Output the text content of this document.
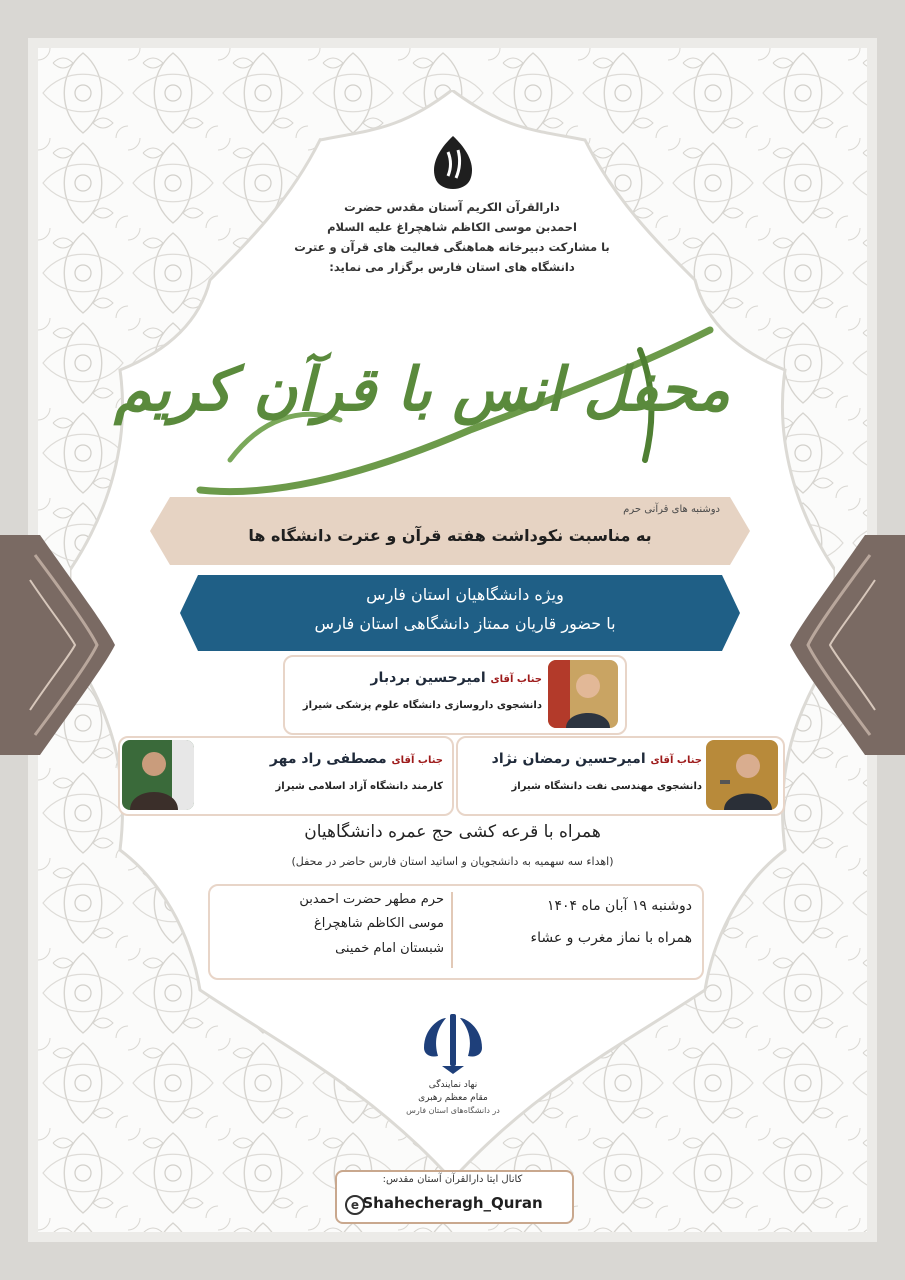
دارالقرآن الکریم آستان مقدس حضرت
احمدبن موسی الکاظم شاهچراغ علیه السلام
با مشارکت دبیرخانه هماهنگی فعالیت های قرآن و عترت
دانشگاه های استان فارس برگزار می نماید:
محفل انس با قرآن کریم
دوشنبه های قرآنی حرم
به مناسبت نکوداشت هفته قرآن و عترت دانشگاه ها
ویژه دانشگاهیان استان فارس
با حضور قاریان ممتاز دانشگاهی استان فارس
جناب آقای امیرحسین بردبار
دانشجوی داروسازی دانشگاه علوم پزشکی شیراز
جناب آقای امیرحسین رمضان نژاد
دانشجوی مهندسی نفت دانشگاه شیراز
جناب آقای مصطفی راد مهر
کارمند دانشگاه آزاد اسلامی شیراز
همراه با قرعه کشی حج عمره دانشگاهیان
(اهداء سه سهمیه به دانشجویان و اساتید استان فارس حاضر در محفل)
دوشنبه ۱۹ آبان ماه ۱۴۰۴
همراه با نماز مغرب و عشاء
حرم مطهر حضرت احمدبن
موسی الکاظم شاهچراغ
شبستان امام خمینی
نهاد نمایندگی
مقام معظم رهبری
در دانشگاه‌های استان فارس
کانال ایتا دارالقرآن آستان مقدس:
e Shahecheragh_Quran
